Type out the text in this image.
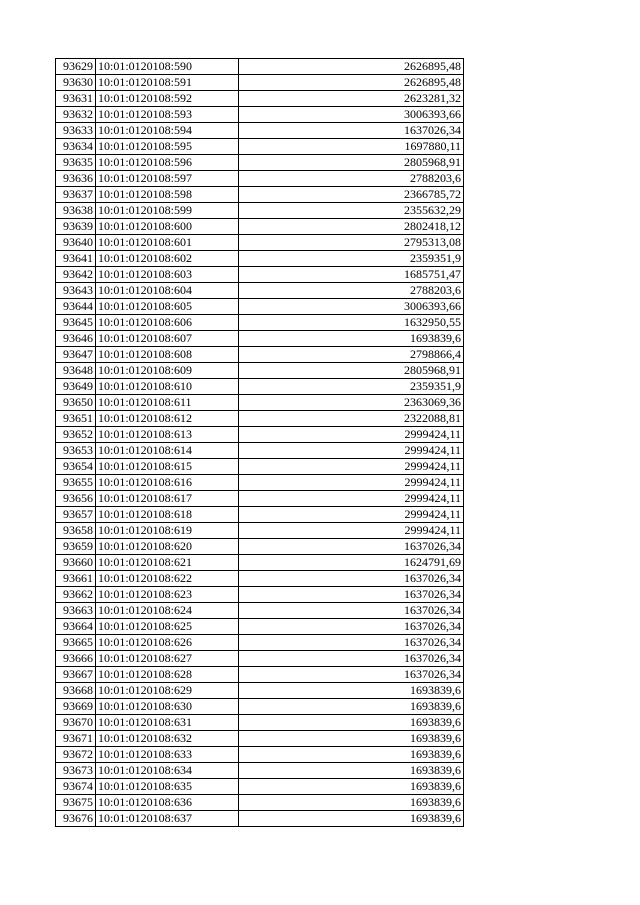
93629	10:01:0120108:590	2626895,48
93630	10:01:0120108:591	2626895,48
93631	10:01:0120108:592	2623281,32
93632	10:01:0120108:593	3006393,66
93633	10:01:0120108:594	1637026,34
93634	10:01:0120108:595	1697880,11
93635	10:01:0120108:596	2805968,91
93636	10:01:0120108:597	2788203,6
93637	10:01:0120108:598	2366785,72
93638	10:01:0120108:599	2355632,29
93639	10:01:0120108:600	2802418,12
93640	10:01:0120108:601	2795313,08
93641	10:01:0120108:602	2359351,9
93642	10:01:0120108:603	1685751,47
93643	10:01:0120108:604	2788203,6
93644	10:01:0120108:605	3006393,66
93645	10:01:0120108:606	1632950,55
93646	10:01:0120108:607	1693839,6
93647	10:01:0120108:608	2798866,4
93648	10:01:0120108:609	2805968,91
93649	10:01:0120108:610	2359351,9
93650	10:01:0120108:611	2363069,36
93651	10:01:0120108:612	2322088,81
93652	10:01:0120108:613	2999424,11
93653	10:01:0120108:614	2999424,11
93654	10:01:0120108:615	2999424,11
93655	10:01:0120108:616	2999424,11
93656	10:01:0120108:617	2999424,11
93657	10:01:0120108:618	2999424,11
93658	10:01:0120108:619	2999424,11
93659	10:01:0120108:620	1637026,34
93660	10:01:0120108:621	1624791,69
93661	10:01:0120108:622	1637026,34
93662	10:01:0120108:623	1637026,34
93663	10:01:0120108:624	1637026,34
93664	10:01:0120108:625	1637026,34
93665	10:01:0120108:626	1637026,34
93666	10:01:0120108:627	1637026,34
93667	10:01:0120108:628	1637026,34
93668	10:01:0120108:629	1693839,6
93669	10:01:0120108:630	1693839,6
93670	10:01:0120108:631	1693839,6
93671	10:01:0120108:632	1693839,6
93672	10:01:0120108:633	1693839,6
93673	10:01:0120108:634	1693839,6
93674	10:01:0120108:635	1693839,6
93675	10:01:0120108:636	1693839,6
93676	10:01:0120108:637	1693839,6
